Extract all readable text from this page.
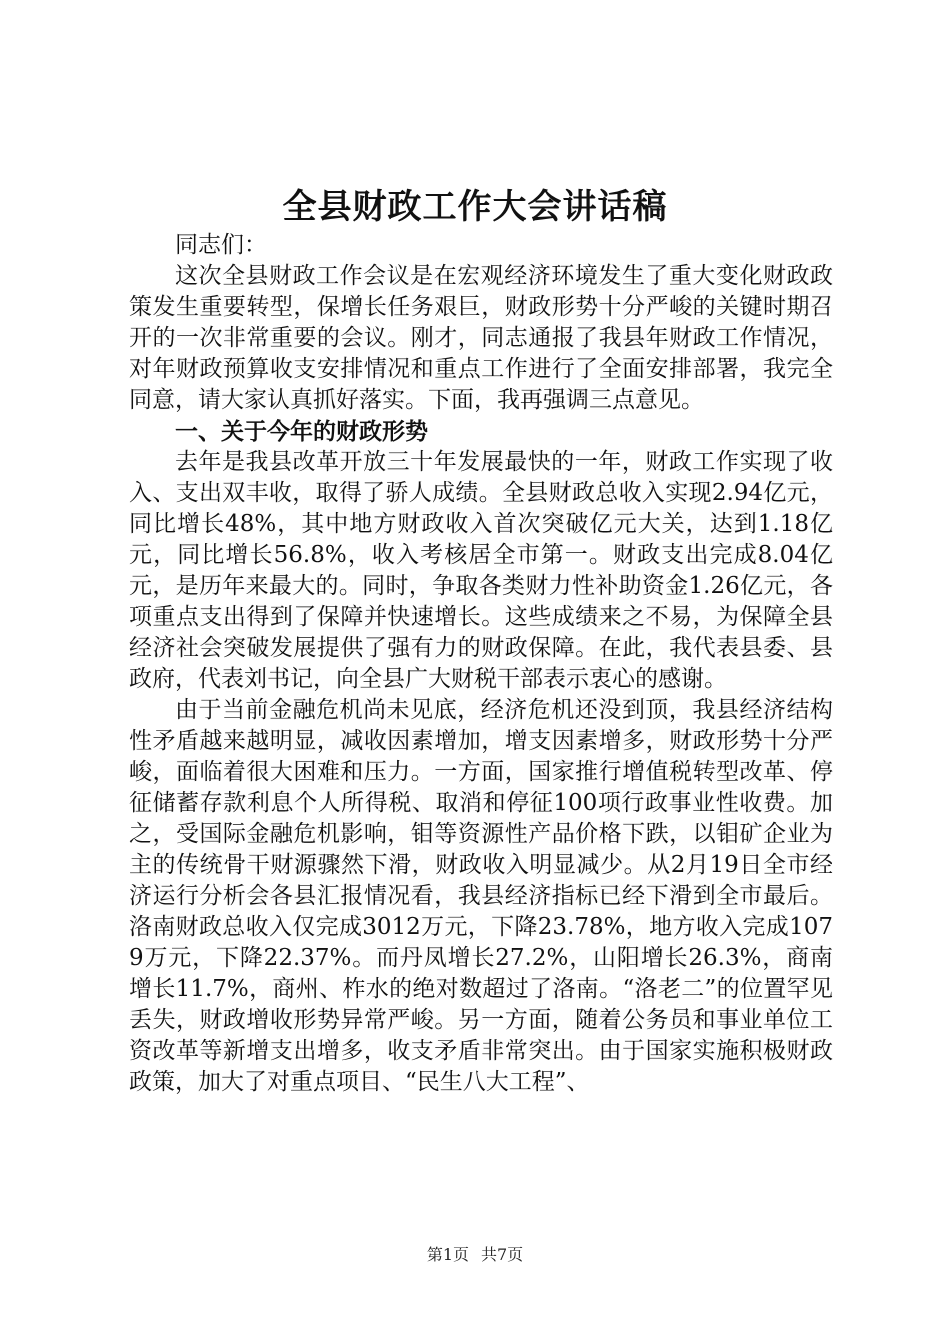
全县财政工作大会讲话稿

同志们：

这次全县财政工作会议是在宏观经济环境发生了重大变化财政政策发生重要转型，保增长任务艰巨，财政形势十分严峻的关键时期召开的一次非常重要的会议。刚才，同志通报了我县年财政工作情况，对年财政预算收支安排情况和重点工作进行了全面安排部署，我完全同意，请大家认真抓好落实。下面，我再强调三点意见。

一、关于今年的财政形势

去年是我县改革开放三十年发展最快的一年，财政工作实现了收入、支出双丰收，取得了骄人成绩。全县财政总收入实现2.94亿元，同比增长48%，其中地方财政收入首次突破亿元大关，达到1.18亿元，同比增长56.8%，收入考核居全市第一。财政支出完成8.04亿元，是历年来最大的。同时，争取各类财力性补助资金1.26亿元，各项重点支出得到了保障并快速增长。这些成绩来之不易，为保障全县经济社会突破发展提供了强有力的财政保障。在此，我代表县委、县政府，代表刘书记，向全县广大财税干部表示衷心的感谢。

由于当前金融危机尚未见底，经济危机还没到顶，我县经济结构性矛盾越来越明显，减收因素增加，增支因素增多，财政形势十分严峻，面临着很大困难和压力。一方面，国家推行增值税转型改革、停征储蓄存款利息个人所得税、取消和停征100项行政事业性收费。加之，受国际金融危机影响，钼等资源性产品价格下跌，以钼矿企业为主的传统骨干财源骤然下滑，财政收入明显减少。从2月19日全市经济运行分析会各县汇报情况看，我县经济指标已经下滑到全市最后。洛南财政总收入仅完成3012万元，下降23.78%，地方收入完成1079万元，下降22.37%。而丹凤增长27.2%，山阳增长26.3%，商南增长11.7%，商州、柞水的绝对数超过了洛南。“洛老二”的位置罕见丢失，财政增收形势异常严峻。另一方面，随着公务员和事业单位工资改革等新增支出增多，收支矛盾非常突出。由于国家实施积极财政政策，加大了对重点项目、“民生八大工程”、

第1页 共7页
